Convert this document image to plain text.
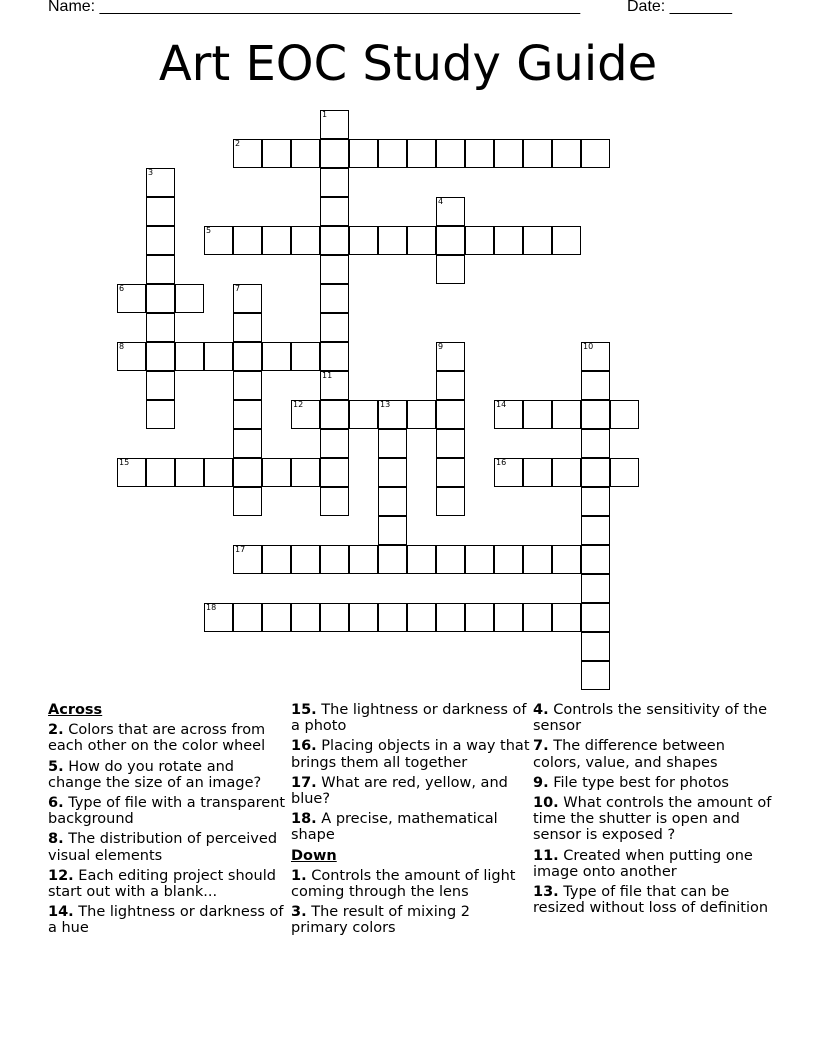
Name: ______________________________________________________	Date: _______
Art EOC Study Guide
1
2
3
4
5
6	7
8	9	10
11
12	13	14
15	16
17
18
Across
2. Colors that are across from each other on the color wheel
5. How do you rotate and change the size of an image?
6. Type of file with a transparent background
8. The distribution of perceived visual elements
12. Each editing project should start out with a blank...
14. The lightness or darkness of a hue
15. The lightness or darkness of a photo
16. Placing objects in a way that brings them all together
17. What are red, yellow, and blue?
18. A precise, mathematical shape
Down
1. Controls the amount of light coming through the lens
3. The result of mixing 2 primary colors
4. Controls the sensitivity of the sensor
7. The difference between colors, value, and shapes
9. File type best for photos
10. What controls the amount of time the shutter is open and sensor is exposed ?
11. Created when putting one image onto another
13. Type of file that can be resized without loss of definition
